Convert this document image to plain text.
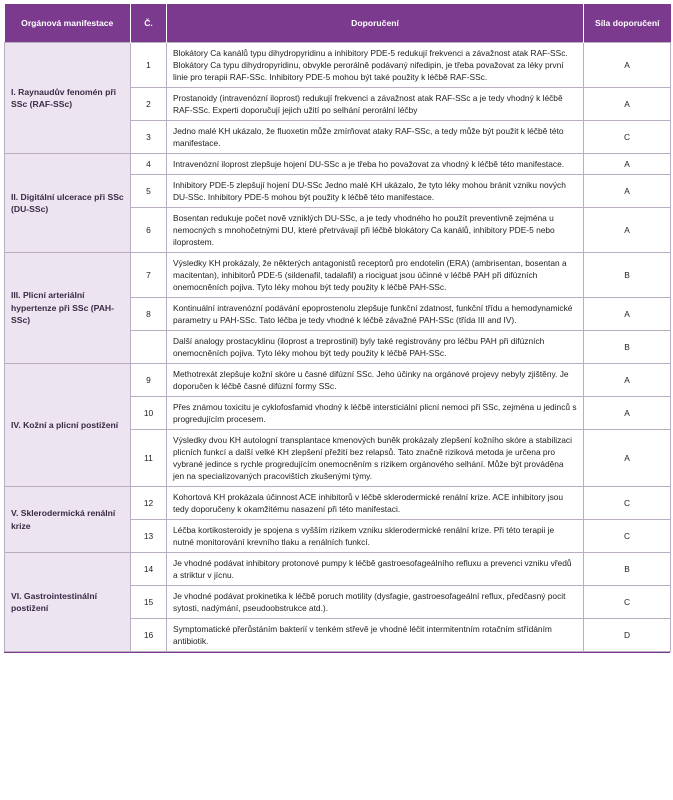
Orgánová manifestace	Č.	Doporučení	Síla doporučení
I. Raynaudův fenomén při SSc (RAF-SSc)	1	Blokátory Ca kanálů typu dihydropyridinu a inhibitory PDE-5 redukují frekvenci a závažnost atak RAF-SSc. Blokátory Ca typu dihydropyridinu, obvykle perorálně podávaný nifedipin, je třeba považovat za léky první linie pro terapii RAF-SSc. Inhibitory PDE-5 mohou být také použity k léčbě RAF-SSc.	A
	2	Prostanoidy (intravenózní iloprost) redukují frekvenci a závažnost atak RAF-SSc a je tedy vhodný k léčbě RAF-SSc. Experti doporučují jejich užití po selhání perorální léčby	A
	3	Jedno malé KH ukázalo, že fluoxetin může zmírňovat ataky RAF-SSc, a tedy může být použit k léčbě této manifestace.	C
II. Digitální ulcerace při SSc (DU-SSc)	4	Intravenózní iloprost zlepšuje hojení DU-SSc a je třeba ho považovat za vhodný k léčbě této manifestace.	A
	5	Inhibitory PDE-5 zlepšují hojení DU-SSc Jedno malé KH ukázalo, že tyto léky mohou bránit vzniku nových DU-SSc. Inhibitory PDE-5 mohou být použity k léčbě této manifestace.	A
	6	Bosentan redukuje počet nově vzniklých DU-SSc, a je tedy vhodného ho použít preventivně zejména u nemocných s mnohočetnými DU, které přetrvávají při léčbě blokátory Ca kanálů, inhibitory PDE-5 nebo iloprostem.	A
III. Plicní arteriální hypertenze při SSc (PAH-SSc)	7	Výsledky KH prokázaly, že některých antagonistů receptorů pro endotelin (ERA) (ambrisentan, bosentan a macitentan), inhibitorů PDE-5 (sildenafil, tadalafil) a riociguat jsou účinné v léčbě PAH při difúzních onemocněních pojiva. Tyto léky mohou být tedy použity k léčbě PAH-SSc.	B
	8	Kontinuální intravenózní podávání epoprostenolu zlepšuje funkční zdatnost, funkční třídu a hemodynamické parametry u PAH-SSc. Tato léčba je tedy vhodné k léčbě závažné PAH-SSc (třída III and IV).	A
		Další analogy prostacyklinu (iloprost a treprostinil) byly také registrovány pro léčbu PAH při difúzních onemocněních pojiva. Tyto léky mohou být tedy použity k léčbě PAH-SSc.	B
IV. Kožní a plicní postižení	9	Methotrexát zlepšuje kožní skóre u časné difúzní SSc. Jeho účinky na orgánové projevy nebyly zjištěny. Je doporučen k léčbě časné difúzní formy SSc.	A
	10	Přes známou toxicitu je cyklofosfamid vhodný k léčbě intersticiální plicní nemoci při SSc, zejména u jedinců s progredujícím procesem.	A
	11	Výsledky dvou KH autologní transplantace kmenových buněk prokázaly zlepšení kožního skóre a stabilizaci plicních funkcí a další velké KH zlepšení přežití bez relapsů. Tato značně riziková metoda je určena pro vybrané jedince s rychle progredujícím onemocněním s rizikem orgánového selhání. Může být prováděna jen na specializovaných pracovištích zkušenými týmy.	A
V. Sklerodermická renální krize	12	Kohortová KH prokázala účinnost ACE inhibitorů v léčbě sklerodermické renální krize. ACE inhibitory jsou tedy doporučeny k okamžitému nasazení při této manifestaci.	C
	13	Léčba kortikosteroidy je spojena s vyšším rizikem vzniku sklerodermické renální krize. Při této terapii je nutné monitorování krevního tlaku a renálních funkcí.	C
VI. Gastrointestinální postižení	14	Je vhodné podávat inhibitory protonové pumpy k léčbě gastroesofageálního refluxu a prevenci vzniku vředů a striktur v jícnu.	B
	15	Je vhodné podávat prokinetika k léčbě poruch motility (dysfagie, gastroesofageální reflux, předčasný pocit sytosti, nadýmání, pseudoobstrukce atd.).	C
	16	Symptomatické přerůstáním bakterií v tenkém střevě je vhodné léčit intermitentním rotačním střídáním antibiotik.	D
